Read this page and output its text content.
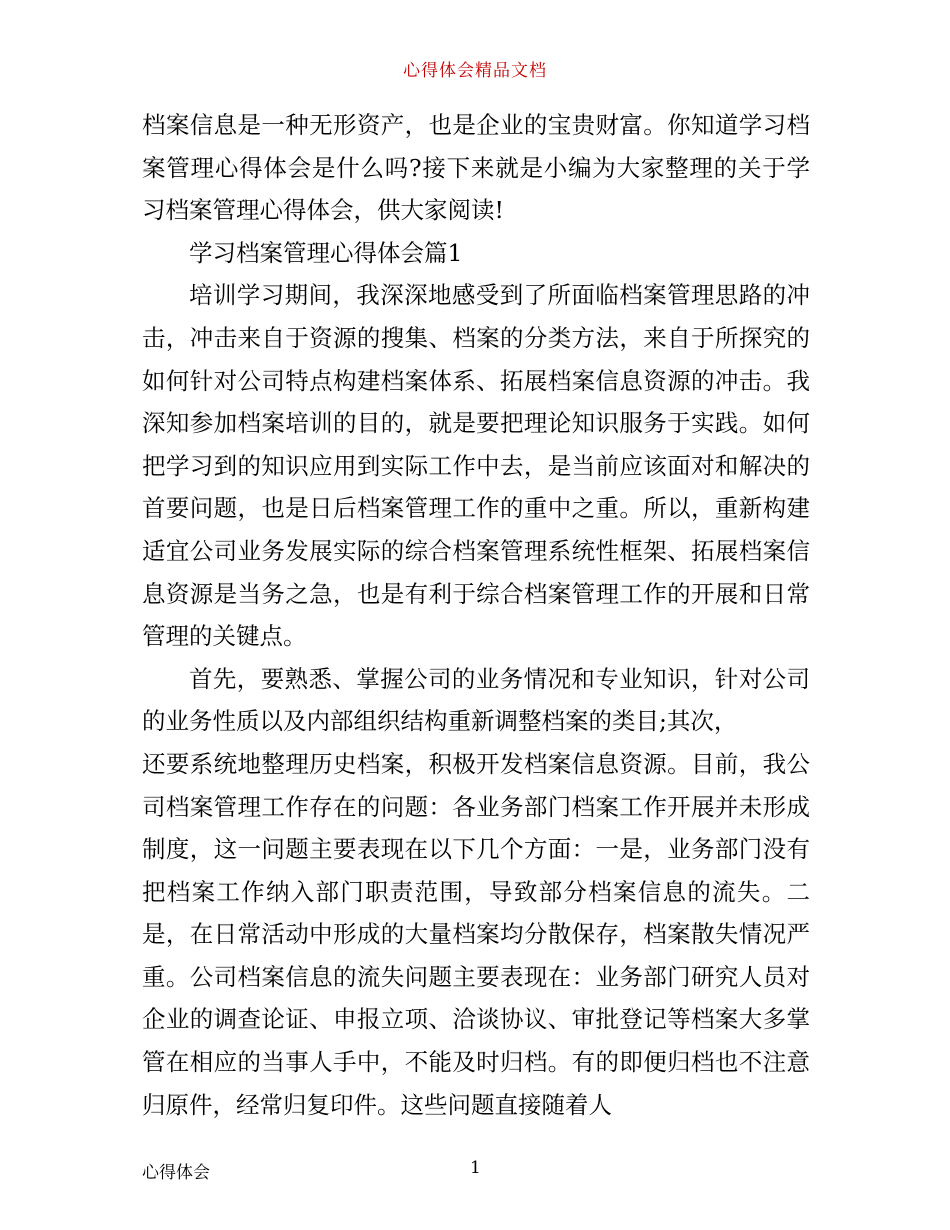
心得体会精品文档

档案信息是一种无形资产，也是企业的宝贵财富。你知道学习档案管理心得体会是什么吗?接下来就是小编为大家整理的关于学习档案管理心得体会，供大家阅读!

学习档案管理心得体会篇1

培训学习期间，我深深地感受到了所面临档案管理思路的冲击，冲击来自于资源的搜集、档案的分类方法，来自于所探究的如何针对公司特点构建档案体系、拓展档案信息资源的冲击。我深知参加档案培训的目的，就是要把理论知识服务于实践。如何把学习到的知识应用到实际工作中去，是当前应该面对和解决的首要问题，也是日后档案管理工作的重中之重。所以，重新构建适宜公司业务发展实际的综合档案管理系统性框架、拓展档案信息资源是当务之急，也是有利于综合档案管理工作的开展和日常管理的关键点。

首先，要熟悉、掌握公司的业务情况和专业知识，针对公司的业务性质以及内部组织结构重新调整档案的类目;其次，

还要系统地整理历史档案，积极开发档案信息资源。目前，我公司档案管理工作存在的问题：各业务部门档案工作开展并未形成制度，这一问题主要表现在以下几个方面：一是，业务部门没有把档案工作纳入部门职责范围，导致部分档案信息的流失。二是，在日常活动中形成的大量档案均分散保存，档案散失情况严重。公司档案信息的流失问题主要表现在：业务部门研究人员对企业的调查论证、申报立项、洽谈协议、审批登记等档案大多掌管在相应的当事人手中，不能及时归档。有的即便归档也不注意归原件，经常归复印件。这些问题直接随着人

心得体会	1
